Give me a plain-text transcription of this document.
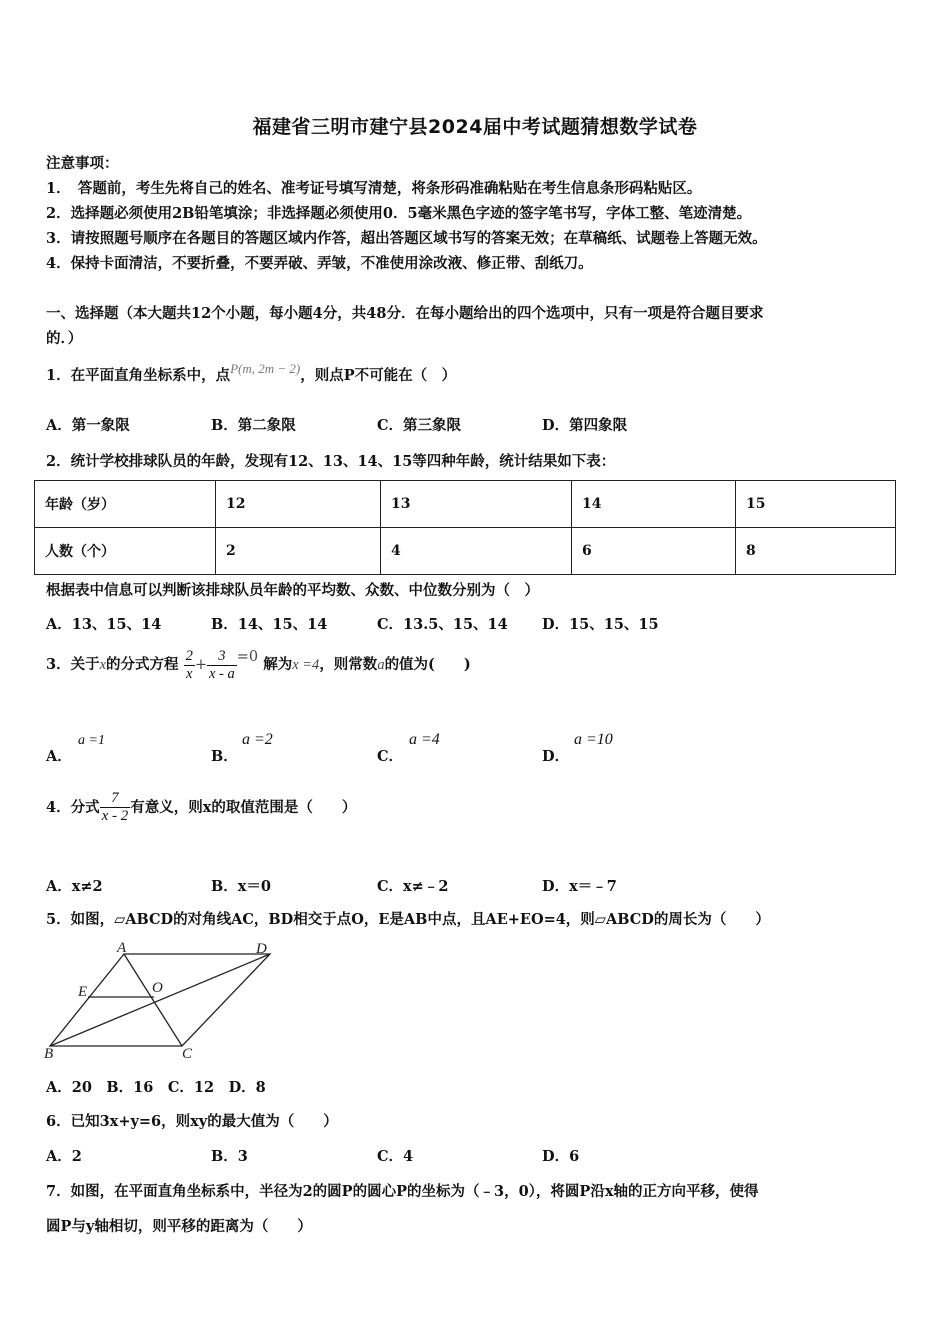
福建省三明市建宁县2024届中考试题猜想数学试卷
注意事项：
1．　答题前，考生先将自己的姓名、准考证号填写清楚，将条形码准确粘贴在考生信息条形码粘贴区。
2．选择题必须使用2B铅笔填涂；非选择题必须使用0．5毫米黑色字迹的签字笔书写，字体工整、笔迹清楚。
3．请按照题号顺序在各题目的答题区域内作答，超出答题区域书写的答案无效；在草稿纸、试题卷上答题无效。
4．保持卡面清洁，不要折叠，不要弄破、弄皱，不准使用涂改液、修正带、刮纸刀。
一、选择题（本大题共12个小题，每小题4分，共48分．在每小题给出的四个选项中，只有一项是符合题目要求
的．）
1．在平面直角坐标系中，点P(m, 2m − 2)，则点P不可能在（　）
A．第一象限	B．第二象限	C．第三象限	D．第四象限
2．统计学校排球队员的年龄，发现有12、13、14、15等四种年龄，统计结果如下表：
年龄（岁）	12	13	14	15
人数（个）	2	4	6	8
根据表中信息可以判断该排球队员年龄的平均数、众数、中位数分别为（　）
A．13、15、14	B．14、15、14	C．13.5、15、14 D．15、15、15
3．关于x的分式方程 $\frac{2}{x} + \frac{3}{x - a} =0$ 解为x =4，则常数a的值为(　　)
A．
a =1
B．
a =2
C．
a =4
D．
a =10
4．分式 $\frac{7}{x - 2}$ 有意义，则x的取值范围是（　　）
A．x≠2	B．x＝0	C．x≠﹣2	D．x＝﹣7
5．如图，▱ABCD的对角线AC，BD相交于点O，E是AB中点，且AE+EO=4，则▱ABCD的周长为（　　）
A	D
E	O
B	C
A．20　B．16　C．12　D．8
6．已知3x+y=6，则xy的最大值为（　　）
A．2	B．3	C．4	D．6
7．如图，在平面直角坐标系中，半径为2的圆P的圆心P的坐标为（﹣3，0），将圆P沿x轴的正方向平移，使得
圆P与y轴相切，则平移的距离为（　　）
